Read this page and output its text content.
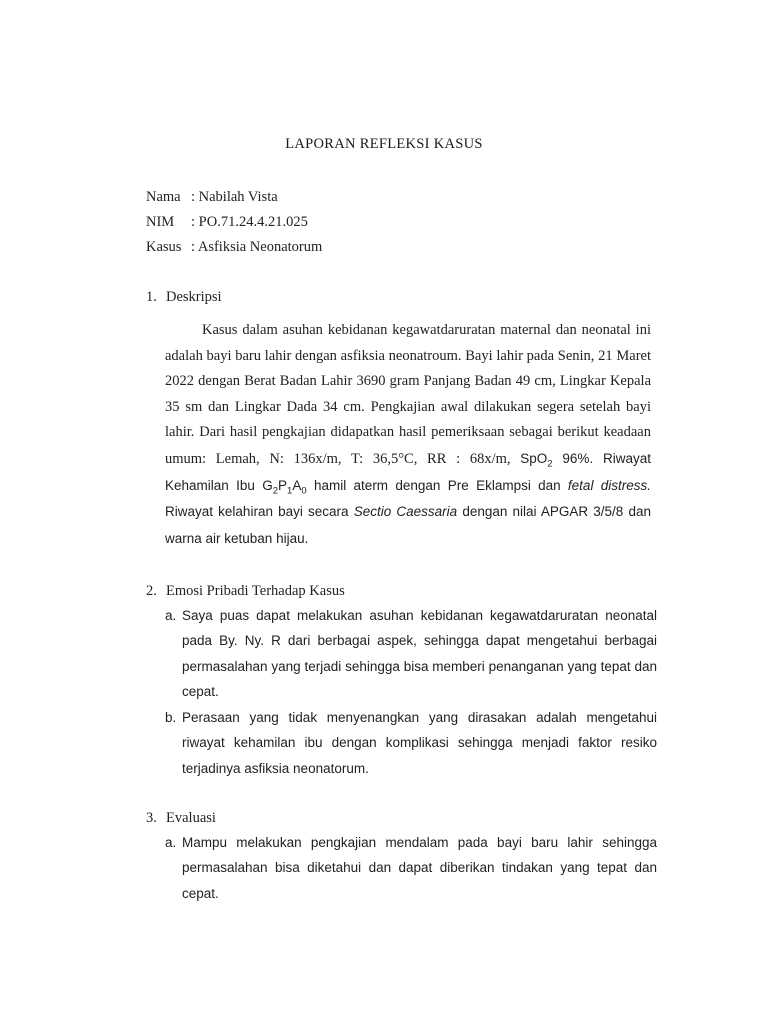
LAPORAN REFLEKSI KASUS
Nama : Nabilah Vista
NIM : PO.71.24.4.21.025
Kasus : Asfiksia Neonatorum
1. Deskripsi
Kasus dalam asuhan kebidanan kegawatdaruratan maternal dan neonatal ini adalah bayi baru lahir dengan asfiksia neonatroum. Bayi lahir pada Senin, 21 Maret 2022 dengan Berat Badan Lahir 3690 gram Panjang Badan 49 cm, Lingkar Kepala 35 sm dan Lingkar Dada 34 cm. Pengkajian awal dilakukan segera setelah bayi lahir. Dari hasil pengkajian didapatkan hasil pemeriksaan sebagai berikut keadaan umum: Lemah, N: 136x/m, T: 36,5°C, RR : 68x/m, SpO$_2$ 96%. Riwayat Kehamilan Ibu $G_2P_1A_0$ hamil aterm dengan Pre Eklampsi dan fetal distress. Riwayat kelahiran bayi secara Sectio Caessaria dengan nilai APGAR 3/5/8 dan warna air ketuban hijau.
2. Emosi Pribadi Terhadap Kasus
a. Saya puas dapat melakukan asuhan kebidanan kegawatdaruratan neonatal pada By. Ny. R dari berbagai aspek, sehingga dapat mengetahui berbagai permasalahan yang terjadi sehingga bisa memberi penanganan yang tepat dan cepat.
b. Perasaan yang tidak menyenangkan yang dirasakan adalah mengetahui riwayat kehamilan ibu dengan komplikasi sehingga menjadi faktor resiko terjadinya asfiksia neonatorum.
3. Evaluasi
a. Mampu melakukan pengkajian mendalam pada bayi baru lahir sehingga permasalahan bisa diketahui dan dapat diberikan tindakan yang tepat dan cepat.
